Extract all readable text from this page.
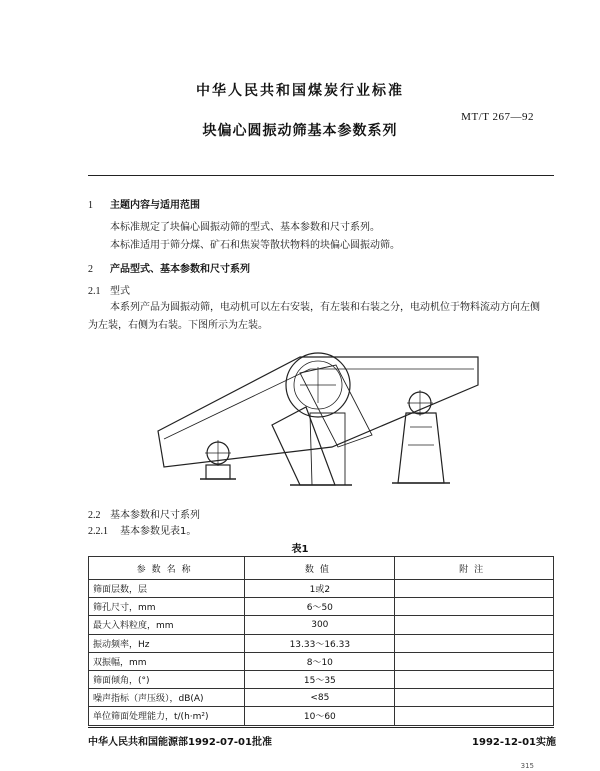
中华人民共和国煤炭行业标准
MT/T 267—92
块偏心圆振动筛基本参数系列
1 主题内容与适用范围
本标准规定了块偏心圆振动筛的型式、基本参数和尺寸系列。
本标准适用于筛分煤、矿石和焦炭等散状物料的块偏心圆振动筛。
2 产品型式、基本参数和尺寸系列
2.1 型式
本系列产品为圆振动筛，电动机可以左右安装，有左装和右装之分，电动机位于物料流动方向左侧
为左装，右侧为右装。下图所示为左装。
2.2 基本参数和尺寸系列
2.2.1 基本参数见表1。
表1
参数名称	数值	附注
筛面层数，层	1或2	
筛孔尺寸，mm	6～50	
最大入料粒度，mm	300	
振动频率，Hz	13.33～16.33	
双振幅，mm	8～10	
筛面倾角，(°)	15～35	
噪声指标（声压级），dB(A)	<85	
单位筛面处理能力，t/(h·m²)	10～60	
中华人民共和国能源部1992-07-01批准	1992-12-01实施
315
